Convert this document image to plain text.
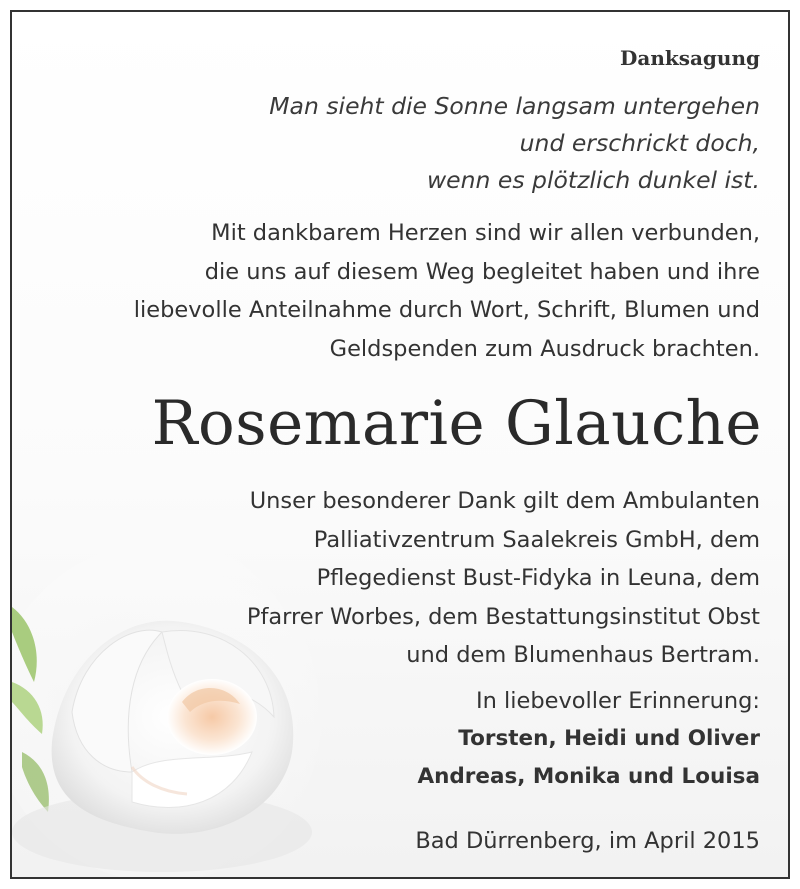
Danksagung
Man sieht die Sonne langsam untergehen
und erschrickt doch,
wenn es plötzlich dunkel ist.
Mit dankbarem Herzen sind wir allen verbunden,
die uns auf diesem Weg begleitet haben und ihre
liebevolle Anteilnahme durch Wort, Schrift, Blumen und
Geldspenden zum Ausdruck brachten.
Rosemarie Glauche
Unser besonderer Dank gilt dem Ambulanten
Palliativzentrum Saalekreis GmbH, dem
Pflegedienst Bust-Fidyka in Leuna, dem
Pfarrer Worbes, dem Bestattungsinstitut Obst
und dem Blumenhaus Bertram.
In liebevoller Erinnerung:
Torsten, Heidi und Oliver
Andreas, Monika und Louisa
Bad Dürrenberg, im April 2015
